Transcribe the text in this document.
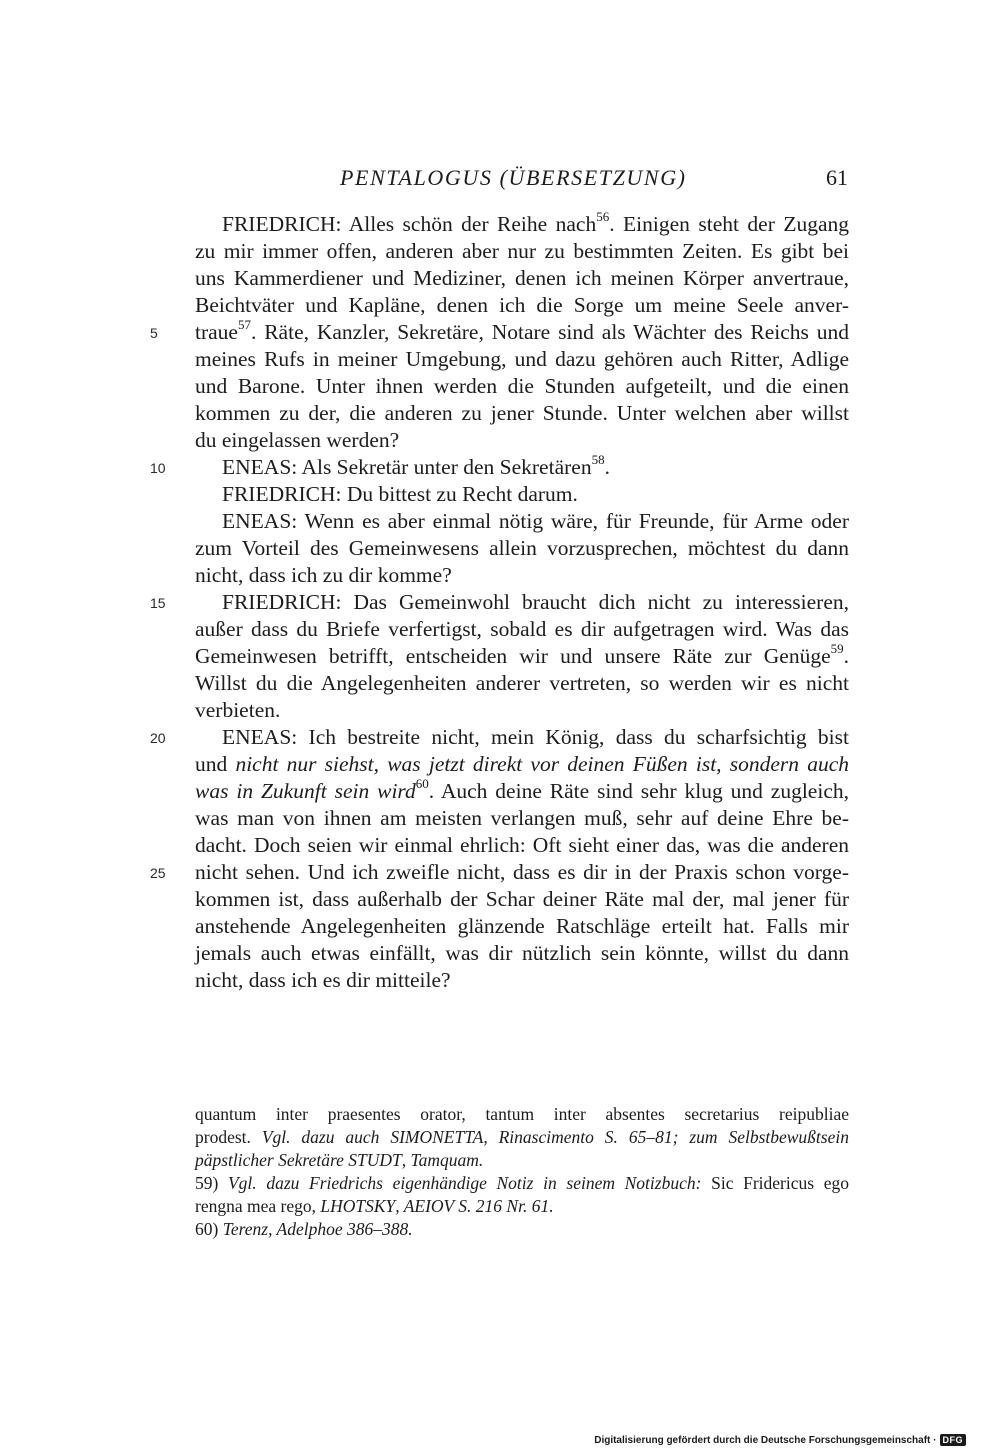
PENTALOGUS (ÜBERSETZUNG)	61
FRIEDRICH: Alles schön der Reihe nach$^{56}$. Einigen steht der Zugang
zu mir immer offen, anderen aber nur zu bestimmten Zeiten. Es gibt bei
uns Kammerdiener und Mediziner, denen ich meinen Körper anvertraue,
Beichtväter und Kapläne, denen ich die Sorge um meine Seele anver-
5 traue$^{57}$. Räte, Kanzler, Sekretäre, Notare sind als Wächter des Reichs und
meines Rufs in meiner Umgebung, und dazu gehören auch Ritter, Adlige
und Barone. Unter ihnen werden die Stunden aufgeteilt, und die einen
kommen zu der, die anderen zu jener Stunde. Unter welchen aber willst
du eingelassen werden?
10	ENEAS: Als Sekretär unter den Sekretären$^{58}$.
FRIEDRICH: Du bittest zu Recht darum.
ENEAS: Wenn es aber einmal nötig wäre, für Freunde, für Arme oder
zum Vorteil des Gemeinwesens allein vorzusprechen, möchtest du dann
nicht, dass ich zu dir komme?
15	FRIEDRICH: Das Gemeinwohl braucht dich nicht zu interessieren,
außer dass du Briefe verfertigst, sobald es dir aufgetragen wird. Was das
Gemeinwesen betrifft, entscheiden wir und unsere Räte zur Genüge$^{59}$.
Willst du die Angelegenheiten anderer vertreten, so werden wir es nicht
verbieten.
20	ENEAS: Ich bestreite nicht, mein König, dass du scharfsichtig bist
und nicht nur siehst, was jetzt direkt vor deinen Füßen ist, sondern auch
was in Zukunft sein wird$^{60}$. Auch deine Räte sind sehr klug und zugleich,
was man von ihnen am meisten verlangen muß, sehr auf deine Ehre be-
dacht. Doch seien wir einmal ehrlich: Oft sieht einer das, was die anderen
25 nicht sehen. Und ich zweifle nicht, dass es dir in der Praxis schon vorge-
kommen ist, dass außerhalb der Schar deiner Räte mal der, mal jener für
anstehende Angelegenheiten glänzende Ratschläge erteilt hat. Falls mir
jemals auch etwas einfällt, was dir nützlich sein könnte, willst du dann
nicht, dass ich es dir mitteile?
quantum inter praesentes orator, tantum inter absentes secretarius reipubliae
prodest. Vgl. dazu auch SIMONETTA, Rinascimento S. 65–81; zum Selbstbewußtsein
päpstlicher Sekretäre STUDT, Tamquam.
59) Vgl. dazu Friedrichs eigenhändige Notiz in seinem Notizbuch: Sic Fridericus ego
rengna mea rego, LHOTSKY, AEIOV S. 216 Nr. 61.
60) Terenz, Adelphoe 386–388.
Digitalisierung gefördert durch die Deutsche Forschungsgemeinschaft · DFG
